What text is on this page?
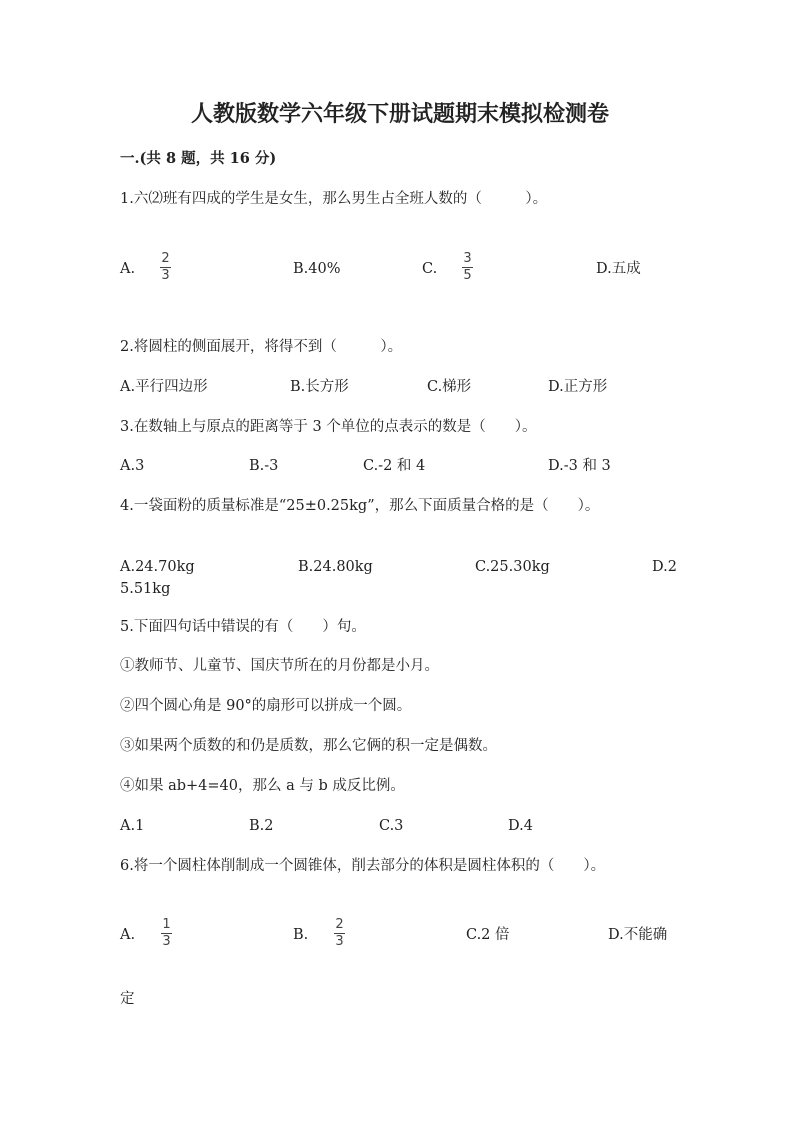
人教版数学六年级下册试题期末模拟检测卷
一.(共 8 题，共 16 分)
1.六⑵班有四成的学生是女生，那么男生占全班人数的（　　　）。
A.
2
3	B.40%	C.
3
5	D.五成
2.将圆柱的侧面展开，将得不到（　　　）。
A.平行四边形	B.长方形	C.梯形	D.正方形
3.在数轴上与原点的距离等于 3 个单位的点表示的数是（　　）。
A.3	B.-3	C.-2 和 4	D.-3 和 3
4.一袋面粉的质量标准是“25±0.25kg”，那么下面质量合格的是（　　）。
A.24.70kg	B.24.80kg	C.25.30kg	D.2
5.51kg
5.下面四句话中错误的有（　　）句。
①教师节、儿童节、国庆节所在的月份都是小月。
②四个圆心角是 90°的扇形可以拼成一个圆。
③如果两个质数的和仍是质数，那么它俩的积一定是偶数。
④如果 ab+4=40，那么 a 与 b 成反比例。
A.1	B.2	C.3	D.4
6.将一个圆柱体削制成一个圆锥体，削去部分的体积是圆柱体积的（　　）。
A.
1
3	B.
2
3	C.2 倍	D.不能确
定
